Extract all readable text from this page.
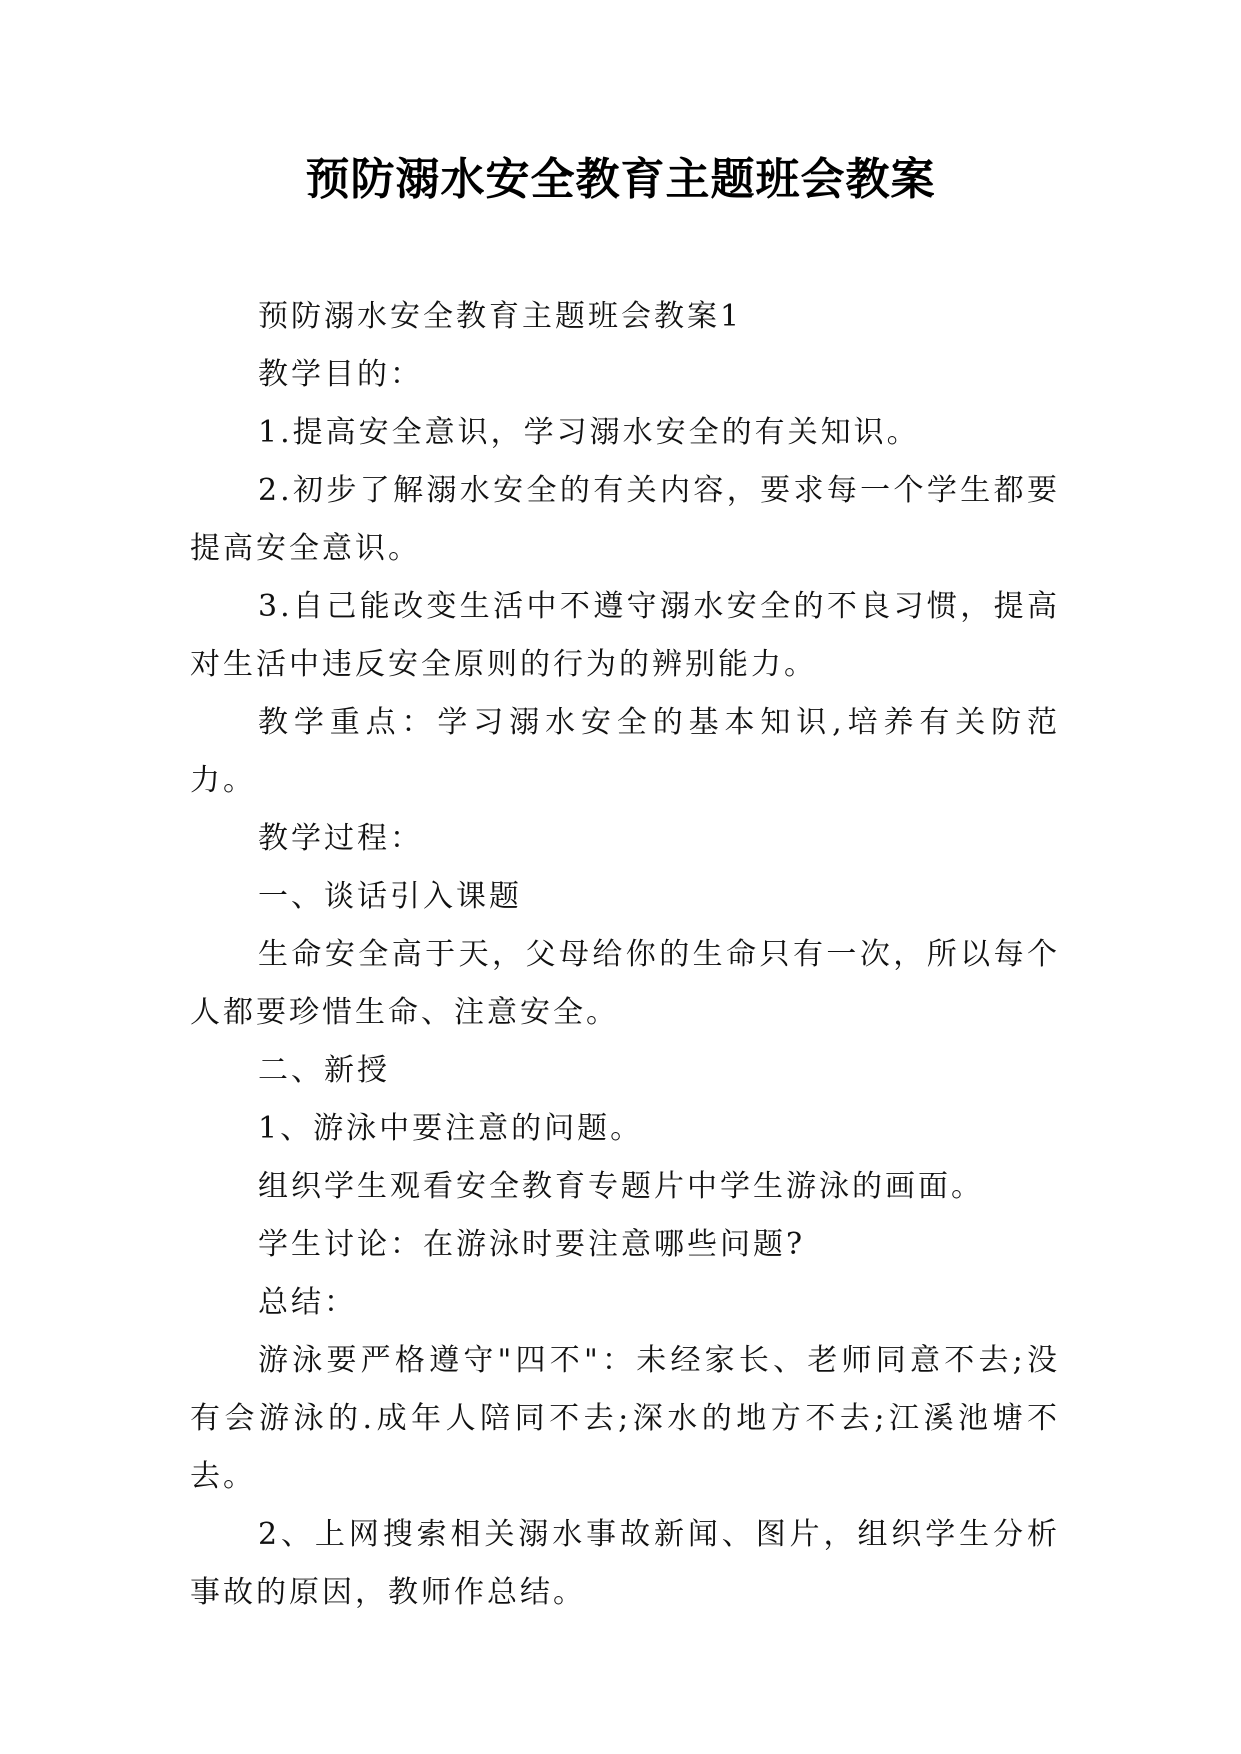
预防溺水安全教育主题班会教案

预防溺水安全教育主题班会教案1

教学目的：

1.提高安全意识，学习溺水安全的有关知识。

2.初步了解溺水安全的有关内容，要求每一个学生都要提高安全意识。

3.自己能改变生活中不遵守溺水安全的不良习惯，提高对生活中违反安全原则的行为的辨别能力。

教学重点：学习溺水安全的基本知识,培养有关防范力。

教学过程：

一、谈话引入课题

生命安全高于天，父母给你的生命只有一次，所以每个人都要珍惜生命、注意安全。

二、新授

1、游泳中要注意的问题。

组织学生观看安全教育专题片中学生游泳的画面。

学生讨论：在游泳时要注意哪些问题?

总结：

游泳要严格遵守"四不"：未经家长、老师同意不去;没有会游泳的.成年人陪同不去;深水的地方不去;江溪池塘不去。

2、上网搜索相关溺水事故新闻、图片，组织学生分析事故的原因，教师作总结。
